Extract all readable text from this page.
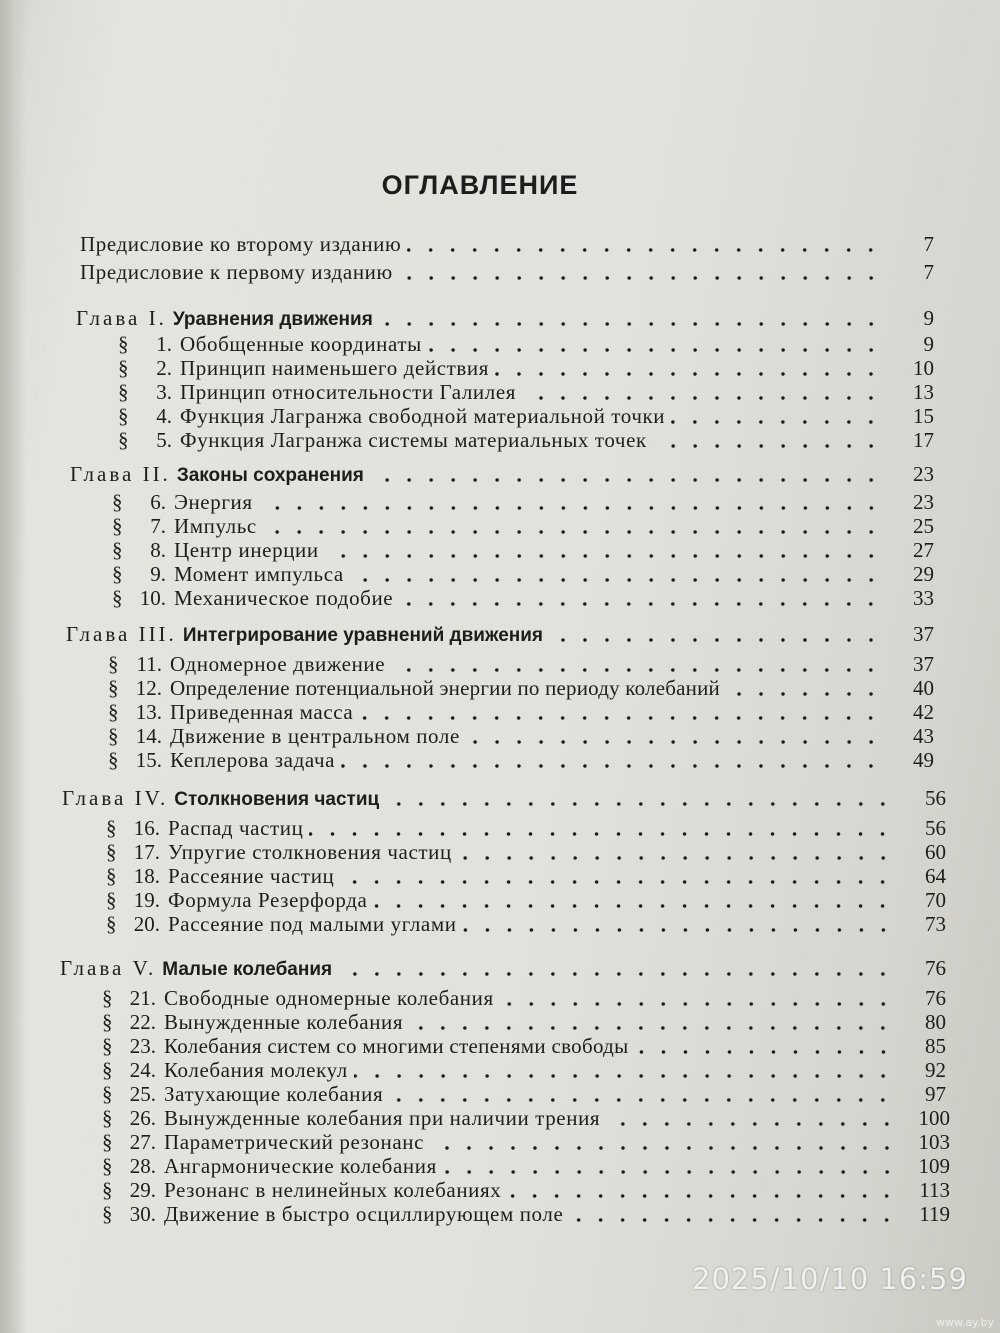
ОГЛАВЛЕНИЕ
Предисловие ко второму изданию	7
Предисловие к первому изданию	7
Глава I. Уравнения движения	9
§ 1. Обобщенные координаты	9
§ 2. Принцип наименьшего действия	10
§ 3. Принцип относительности Галилея	13
§ 4. Функция Лагранжа свободной материальной точки	15
§ 5. Функция Лагранжа системы материальных точек	17
Глава II. Законы сохранения	23
§ 6. Энергия	23
§ 7. Импульс	25
§ 8. Центр инерции	27
§ 9. Момент импульса	29
§ 10. Механическое подобие	33
Глава III. Интегрирование уравнений движения	37
§ 11. Одномерное движение	37
§ 12. Определение потенциальной энергии по периоду колебаний	40
§ 13. Приведенная масса	42
§ 14. Движение в центральном поле	43
§ 15. Кеплерова задача	49
Глава IV. Столкновения частиц	56
§ 16. Распад частиц	56
§ 17. Упругие столкновения частиц	60
§ 18. Рассеяние частиц	64
§ 19. Формула Резерфорда	70
§ 20. Рассеяние под малыми углами	73
Глава V. Малые колебания	76
§ 21. Свободные одномерные колебания	76
§ 22. Вынужденные колебания	80
§ 23. Колебания систем со многими степенями свободы	85
§ 24. Колебания молекул	92
§ 25. Затухающие колебания	97
§ 26. Вынужденные колебания при наличии трения	100
§ 27. Параметрический резонанс	103
§ 28. Ангармонические колебания	109
§ 29. Резонанс в нелинейных колебаниях	113
§ 30. Движение в быстро осциллирующем поле	119
2025/10/10 16:59
www.ay.by
